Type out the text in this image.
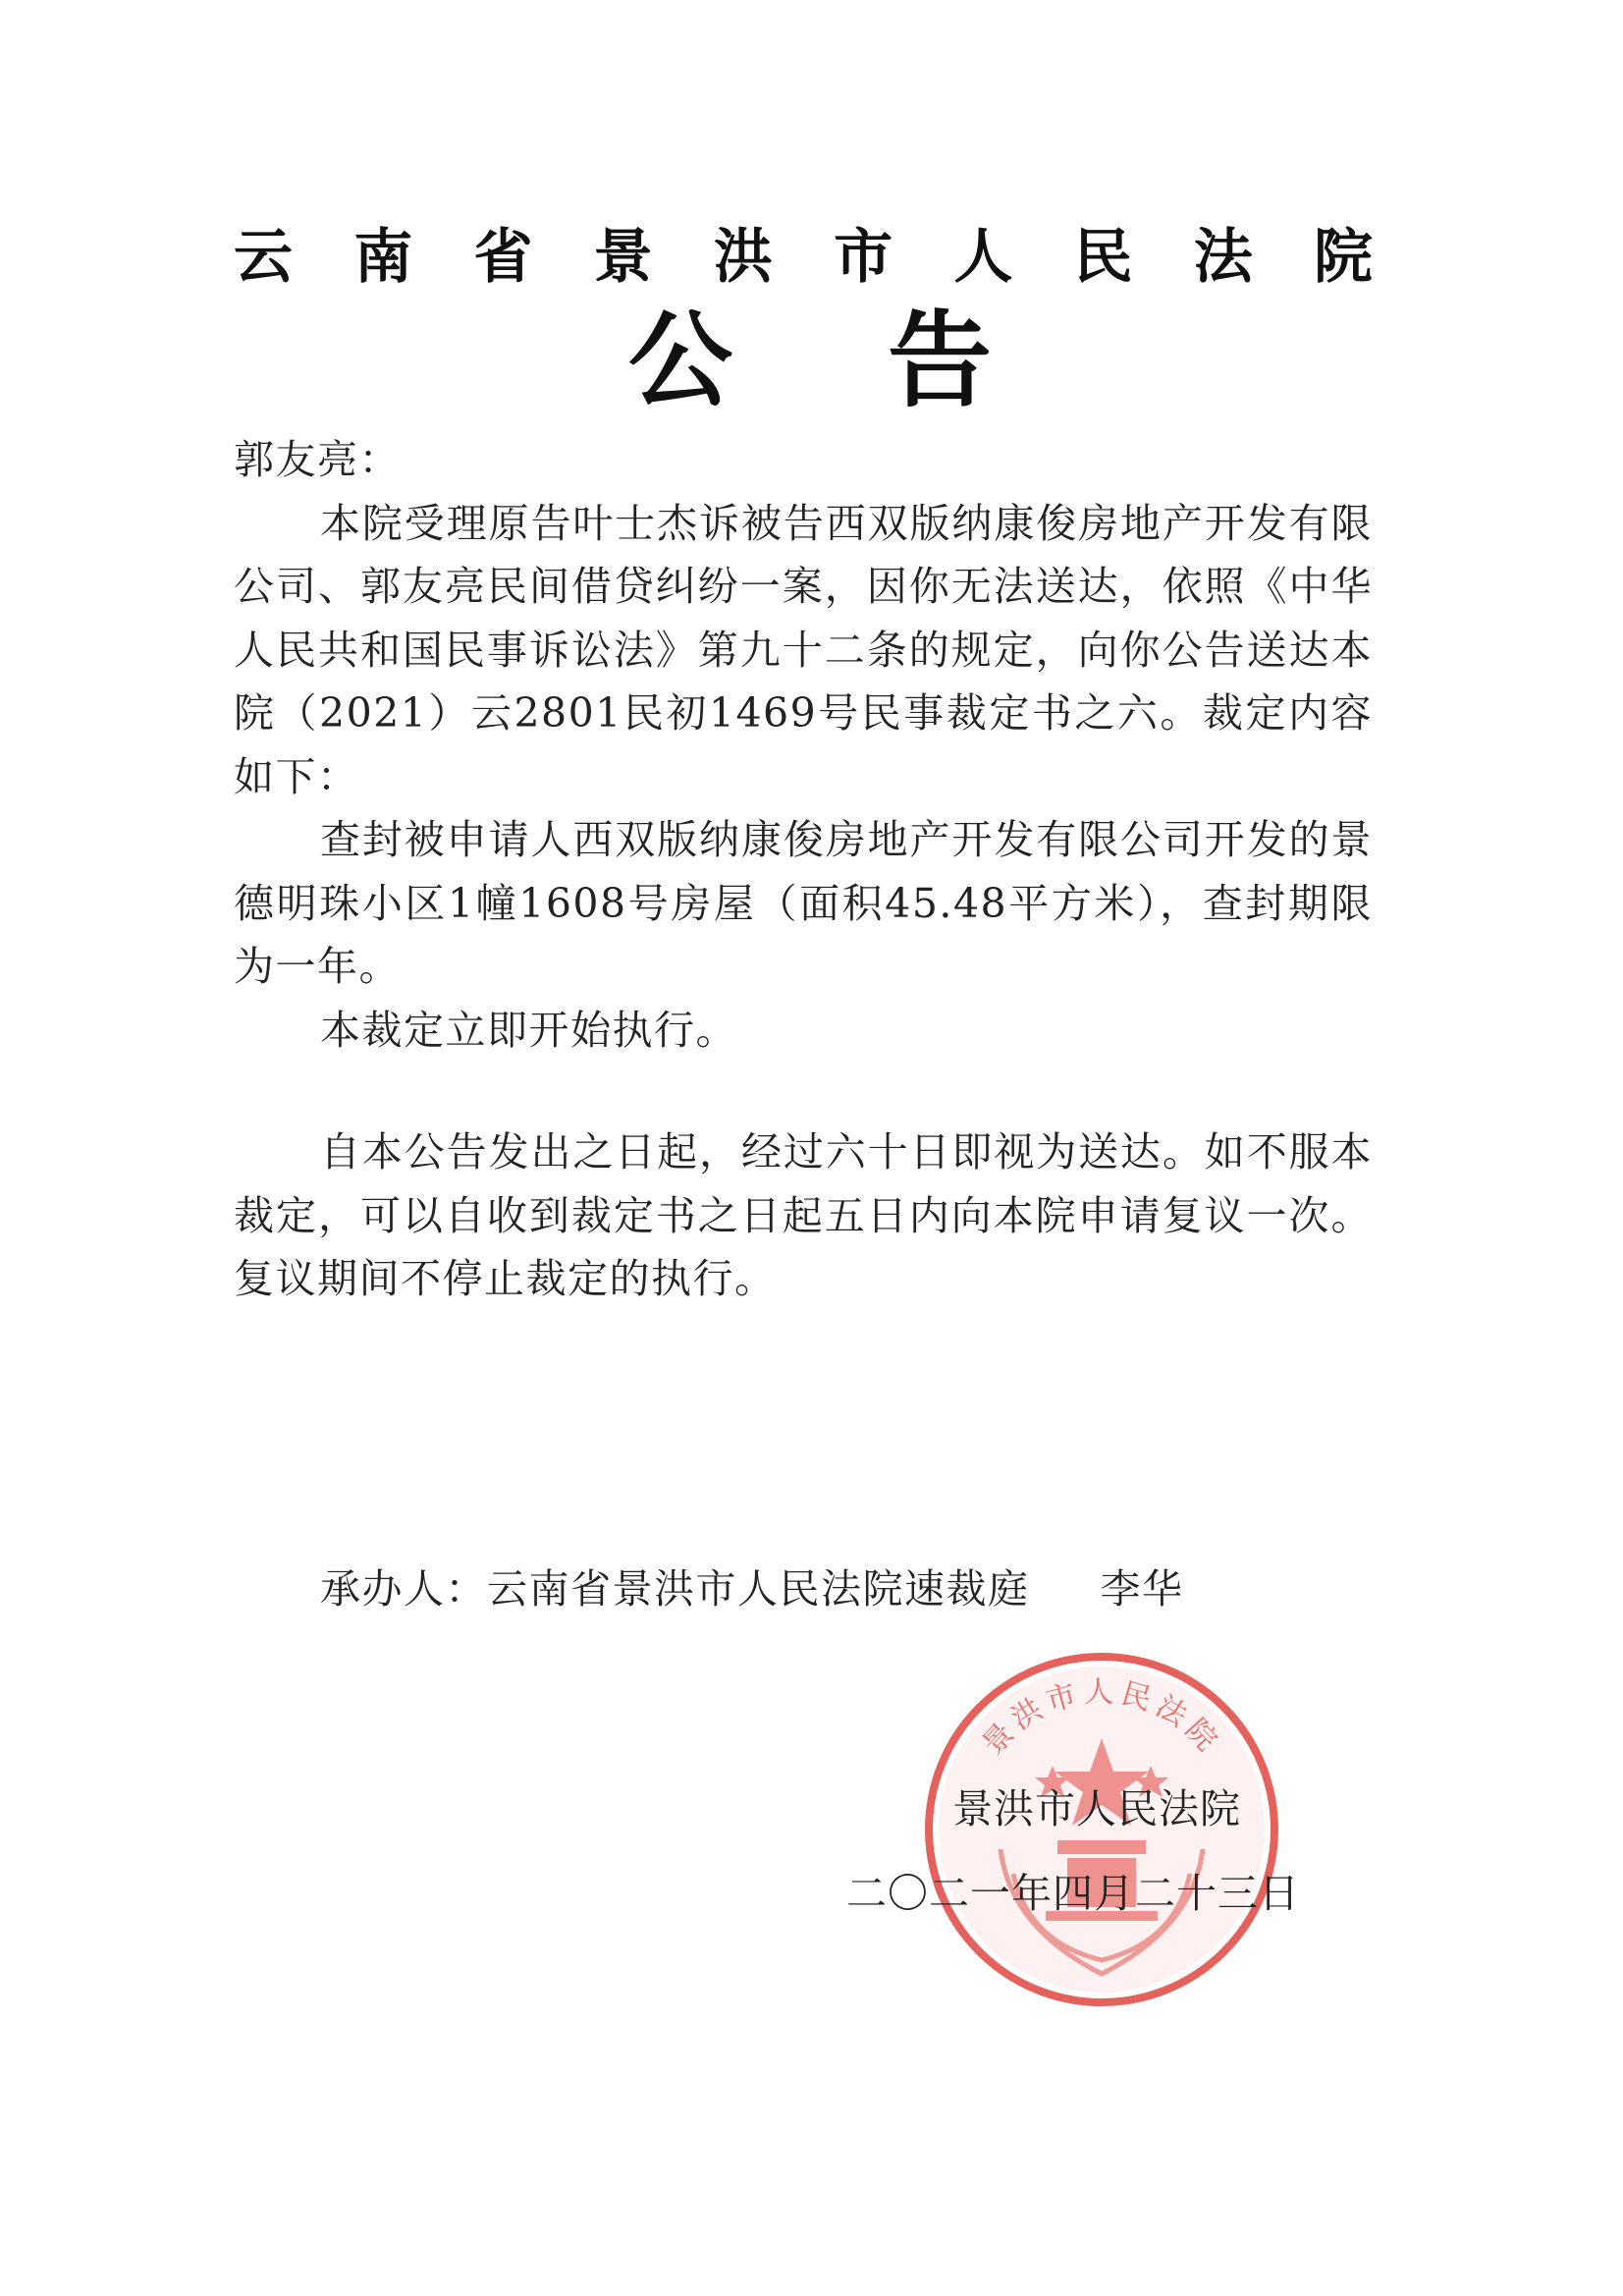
云 南 省 景 洪 市 人 民 法 院
公 告

郭友亮：

本院受理原告叶士杰诉被告西双版纳康俊房地产开发有限公司、郭友亮民间借贷纠纷一案，因你无法送达，依照《中华人民共和国民事诉讼法》第九十二条的规定，向你公告送达本院（2021）云2801民初1469号民事裁定书之六。裁定内容如下：

查封被申请人西双版纳康俊房地产开发有限公司开发的景德明珠小区1幢1608号房屋（面积45.48平方米），查封期限为一年。

本裁定立即开始执行。

自本公告发出之日起，经过六十日即视为送达。如不服本裁定，可以自收到裁定书之日起五日内向本院申请复议一次。复议期间不停止裁定的执行。

承办人：云南省景洪市人民法院速裁庭 李华
景洪市人民法院
景洪市人民法院
二〇二一年四月二十三日
